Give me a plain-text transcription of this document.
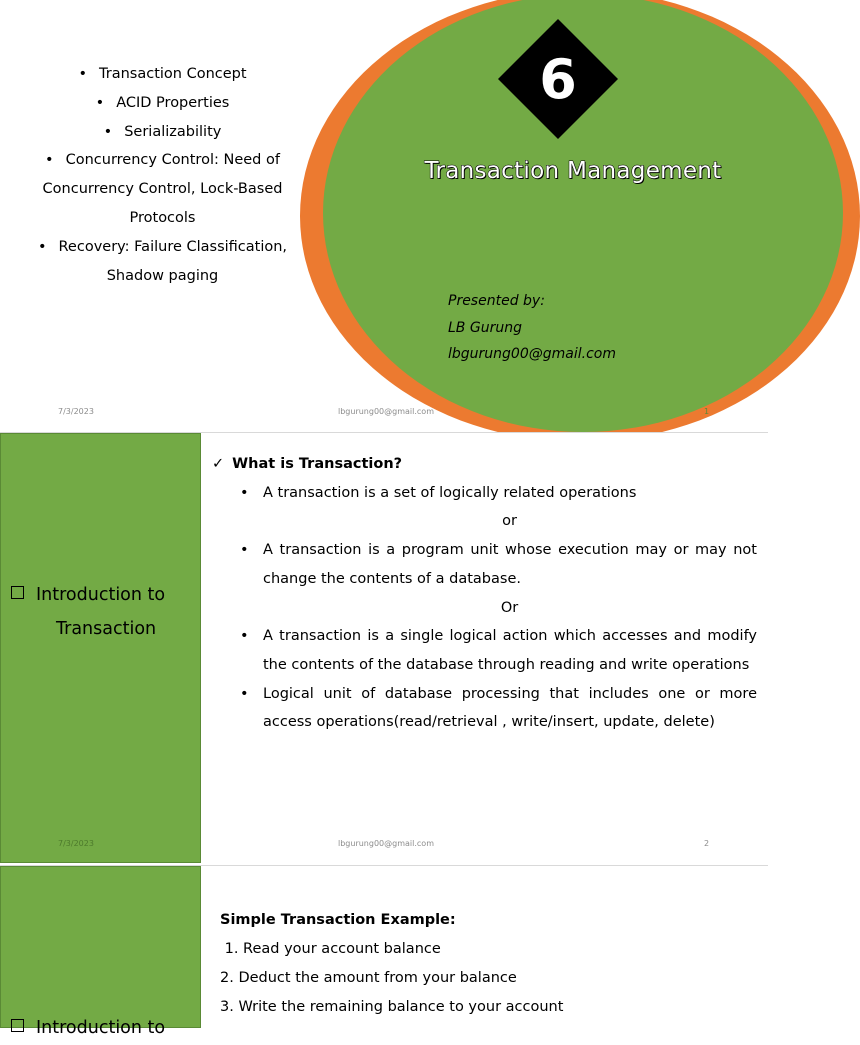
• Transaction Concept
• ACID Properties
• Serializability
• Concurrency Control: Need of Concurrency Control, Lock-Based Protocols
• Recovery: Failure Classification, Shadow paging
6
Transaction Management
Presented by:
LB Gurung
lbgurung00@gmail.com
7/3/2023	lbgurung00@gmail.com	1
Introduction to
Transaction
✓ What is Transaction?
• A transaction is a set of logically related operations
or
• A transaction is a program unit whose execution may or may not change the contents of a database.
Or
• A transaction is a single logical action which accesses and modify the contents of the database through reading and write operations
• Logical unit of database processing that includes one or more access operations(read/retrieval , write/insert, update, delete)
7/3/2023	lbgurung00@gmail.com	2
Introduction to
Simple Transaction Example:
1. Read your account balance
2. Deduct the amount from your balance
3. Write the remaining balance to your account
